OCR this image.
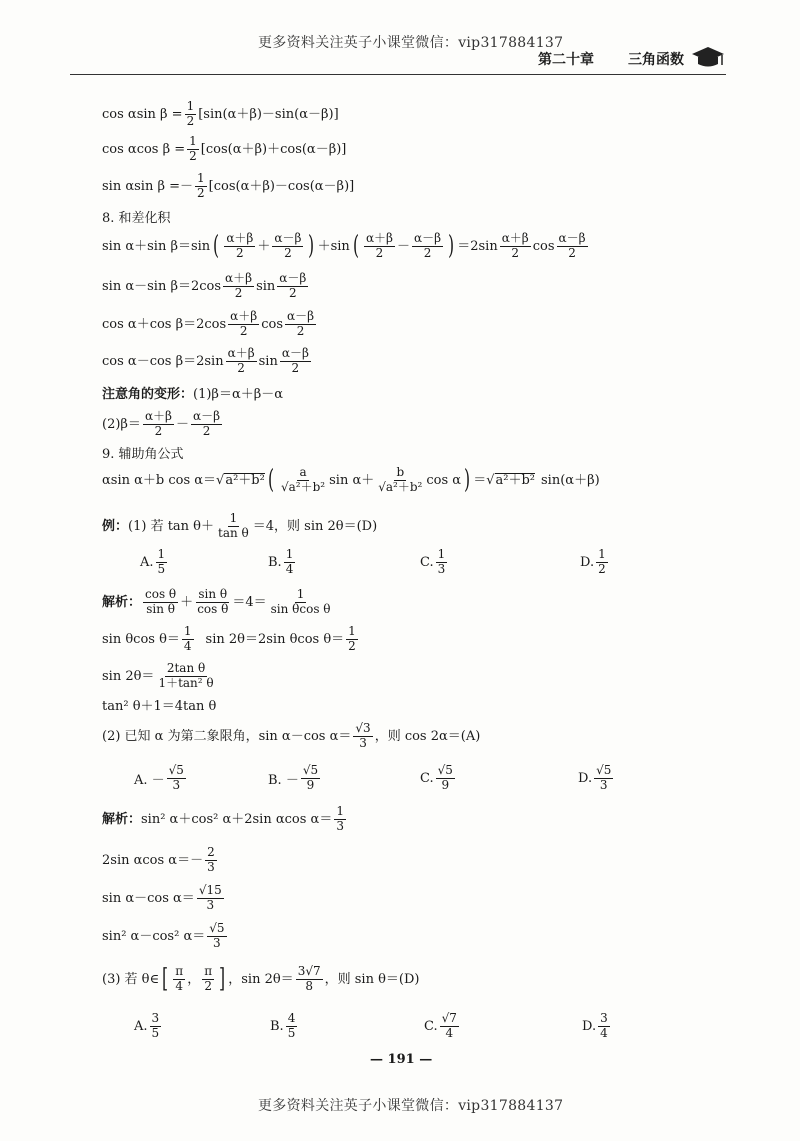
更多资料关注英子小课堂微信：vip317884137
第二十章 三角函数
cos αsin $\beta = \frac{1}{2} [\sin(\alpha+\beta)-\sin(\alpha-\beta)]$
cos αcos $\beta = \frac{1}{2} [\cos(\alpha+\beta)+\cos(\alpha-\beta)]$
sin αsin $\beta =- \frac{1}{2} [\cos(\alpha+\beta)-\cos(\alpha-\beta)]$
8. 和差化积
sin α＋sin β＝sin ( $\frac{\alpha+\beta}{2} + \frac{\alpha-\beta}{2}$ ) ＋sin ( $\frac{\alpha+\beta}{2} - \frac{\alpha-\beta}{2}$ ) $=2\sin \frac{\alpha+\beta}{2}$ $\cos \frac{\alpha-\beta}{2}$
sin α－sin $\beta=2\cos \frac{\alpha+\beta}{2}$ $\sin \frac{\alpha-\beta}{2}$
cos α＋cos $\beta=2\cos \frac{\alpha+\beta}{2}$ $\cos \frac{\alpha-\beta}{2}$
cos α－cos $\beta=2\sin \frac{\alpha+\beta}{2}$ $\sin \frac{\alpha-\beta}{2}$
注意角的变形： (1)β＝α＋β－α
$(2)\beta= \frac{\alpha+\beta}{2} - \frac{\alpha-\beta}{2}$
9. 辅助角公式
αsin α＋b cos α＝ √ a²＋b² ( $\frac{a}{\text{√a²＋b²}}$ $\sin \alpha+ \frac{b}{\text{√a²＋b²}}$ cos α ) ＝ √ a²＋b² sin(α＋β)
例： (1) 若 $\tan \theta+ \frac{1}{\text{tan θ}} =4$，则 sin 2θ＝(D)
A. $\frac{1}{5}$	B. $\frac{1}{4}$	C. $\frac{1}{3}$	D. $\frac{1}{2}$
解析： $\frac{\text{cos θ}}{\text{sin θ}} + \frac{\text{sin θ}}{\text{cos θ}} =4= \frac{1}{\text{sin θcos θ}}$
sin θcos $\theta= \frac{1}{4}$ sin 2θ＝2sin θcos $\theta= \frac{1}{2}$
$\sin 2\theta= \frac{\text{2tan θ}}{\text{1＋tan² θ}}$
tan² θ＋1＝4tan θ
(2) 已知 α 为第二象限角，sin α－cos $\alpha= \frac{√3}{3}$ ，则 cos 2α＝(A)
A. － $\frac{√5}{3}$	B. － $\frac{√5}{9}$	C. $\frac{√5}{9}$	D. $\frac{√5}{3}$
解析： sin² α＋cos² α＋2sin αcos $\alpha= \frac{1}{3}$
2sin αcos $\alpha=- \frac{2}{3}$
sin α－cos $\alpha= \frac{√15}{3}$
sin² α－cos² $\alpha= \frac{√5}{3}$
(3) 若 θ∈ [ $\frac{\pi}{4}$ ， $\frac{\pi}{2}$ ] ，$\sin 2\theta= \frac{3√7}{8}$ ，则 sin θ＝(D)
A. $\frac{3}{5}$	B. $\frac{4}{5}$	C. $\frac{√7}{4}$	D. $\frac{3}{4}$
— 191 —
更多资料关注英子小课堂微信：vip317884137
